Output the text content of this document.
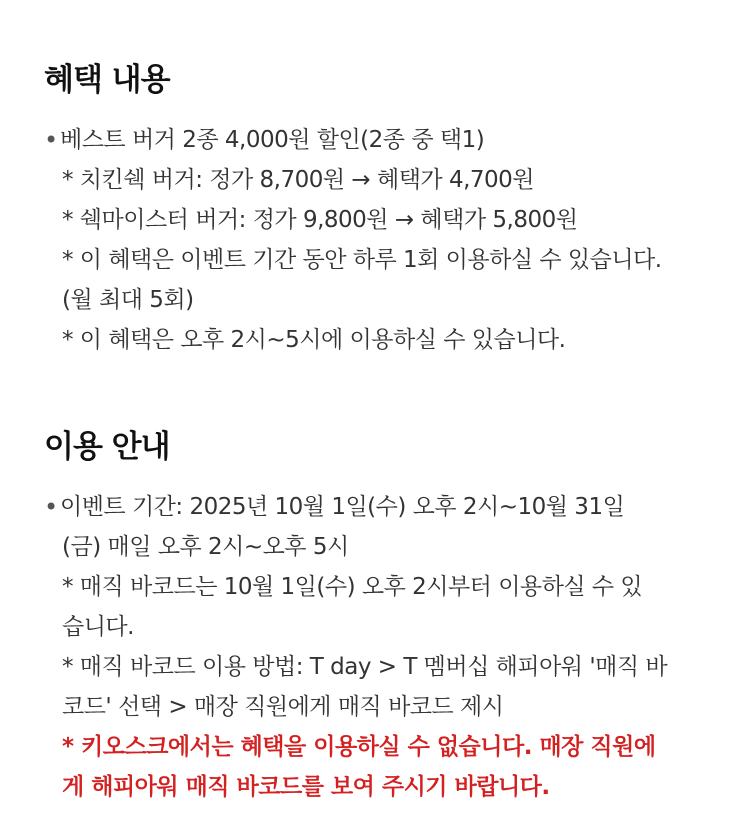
혜택 내용
• 베스트 버거 2종 4,000원 할인(2종 중 택1)
* 치킨쉑 버거: 정가 8,700원 → 혜택가 4,700원
* 쉑마이스터 버거: 정가 9,800원 → 혜택가 5,800원
* 이 혜택은 이벤트 기간 동안 하루 1회 이용하실 수 있습니다.
(월 최대 5회)
* 이 혜택은 오후 2시~5시에 이용하실 수 있습니다.
이용 안내
• 이벤트 기간: 2025년 10월 1일(수) 오후 2시~10월 31일
(금) 매일 오후 2시~오후 5시
* 매직 바코드는 10월 1일(수) 오후 2시부터 이용하실 수 있
습니다.
* 매직 바코드 이용 방법: T day > T 멤버십 해피아워 '매직 바
코드' 선택 > 매장 직원에게 매직 바코드 제시
* 키오스크에서는 혜택을 이용하실 수 없습니다. 매장 직원에
게 해피아워 매직 바코드를 보여 주시기 바랍니다.
